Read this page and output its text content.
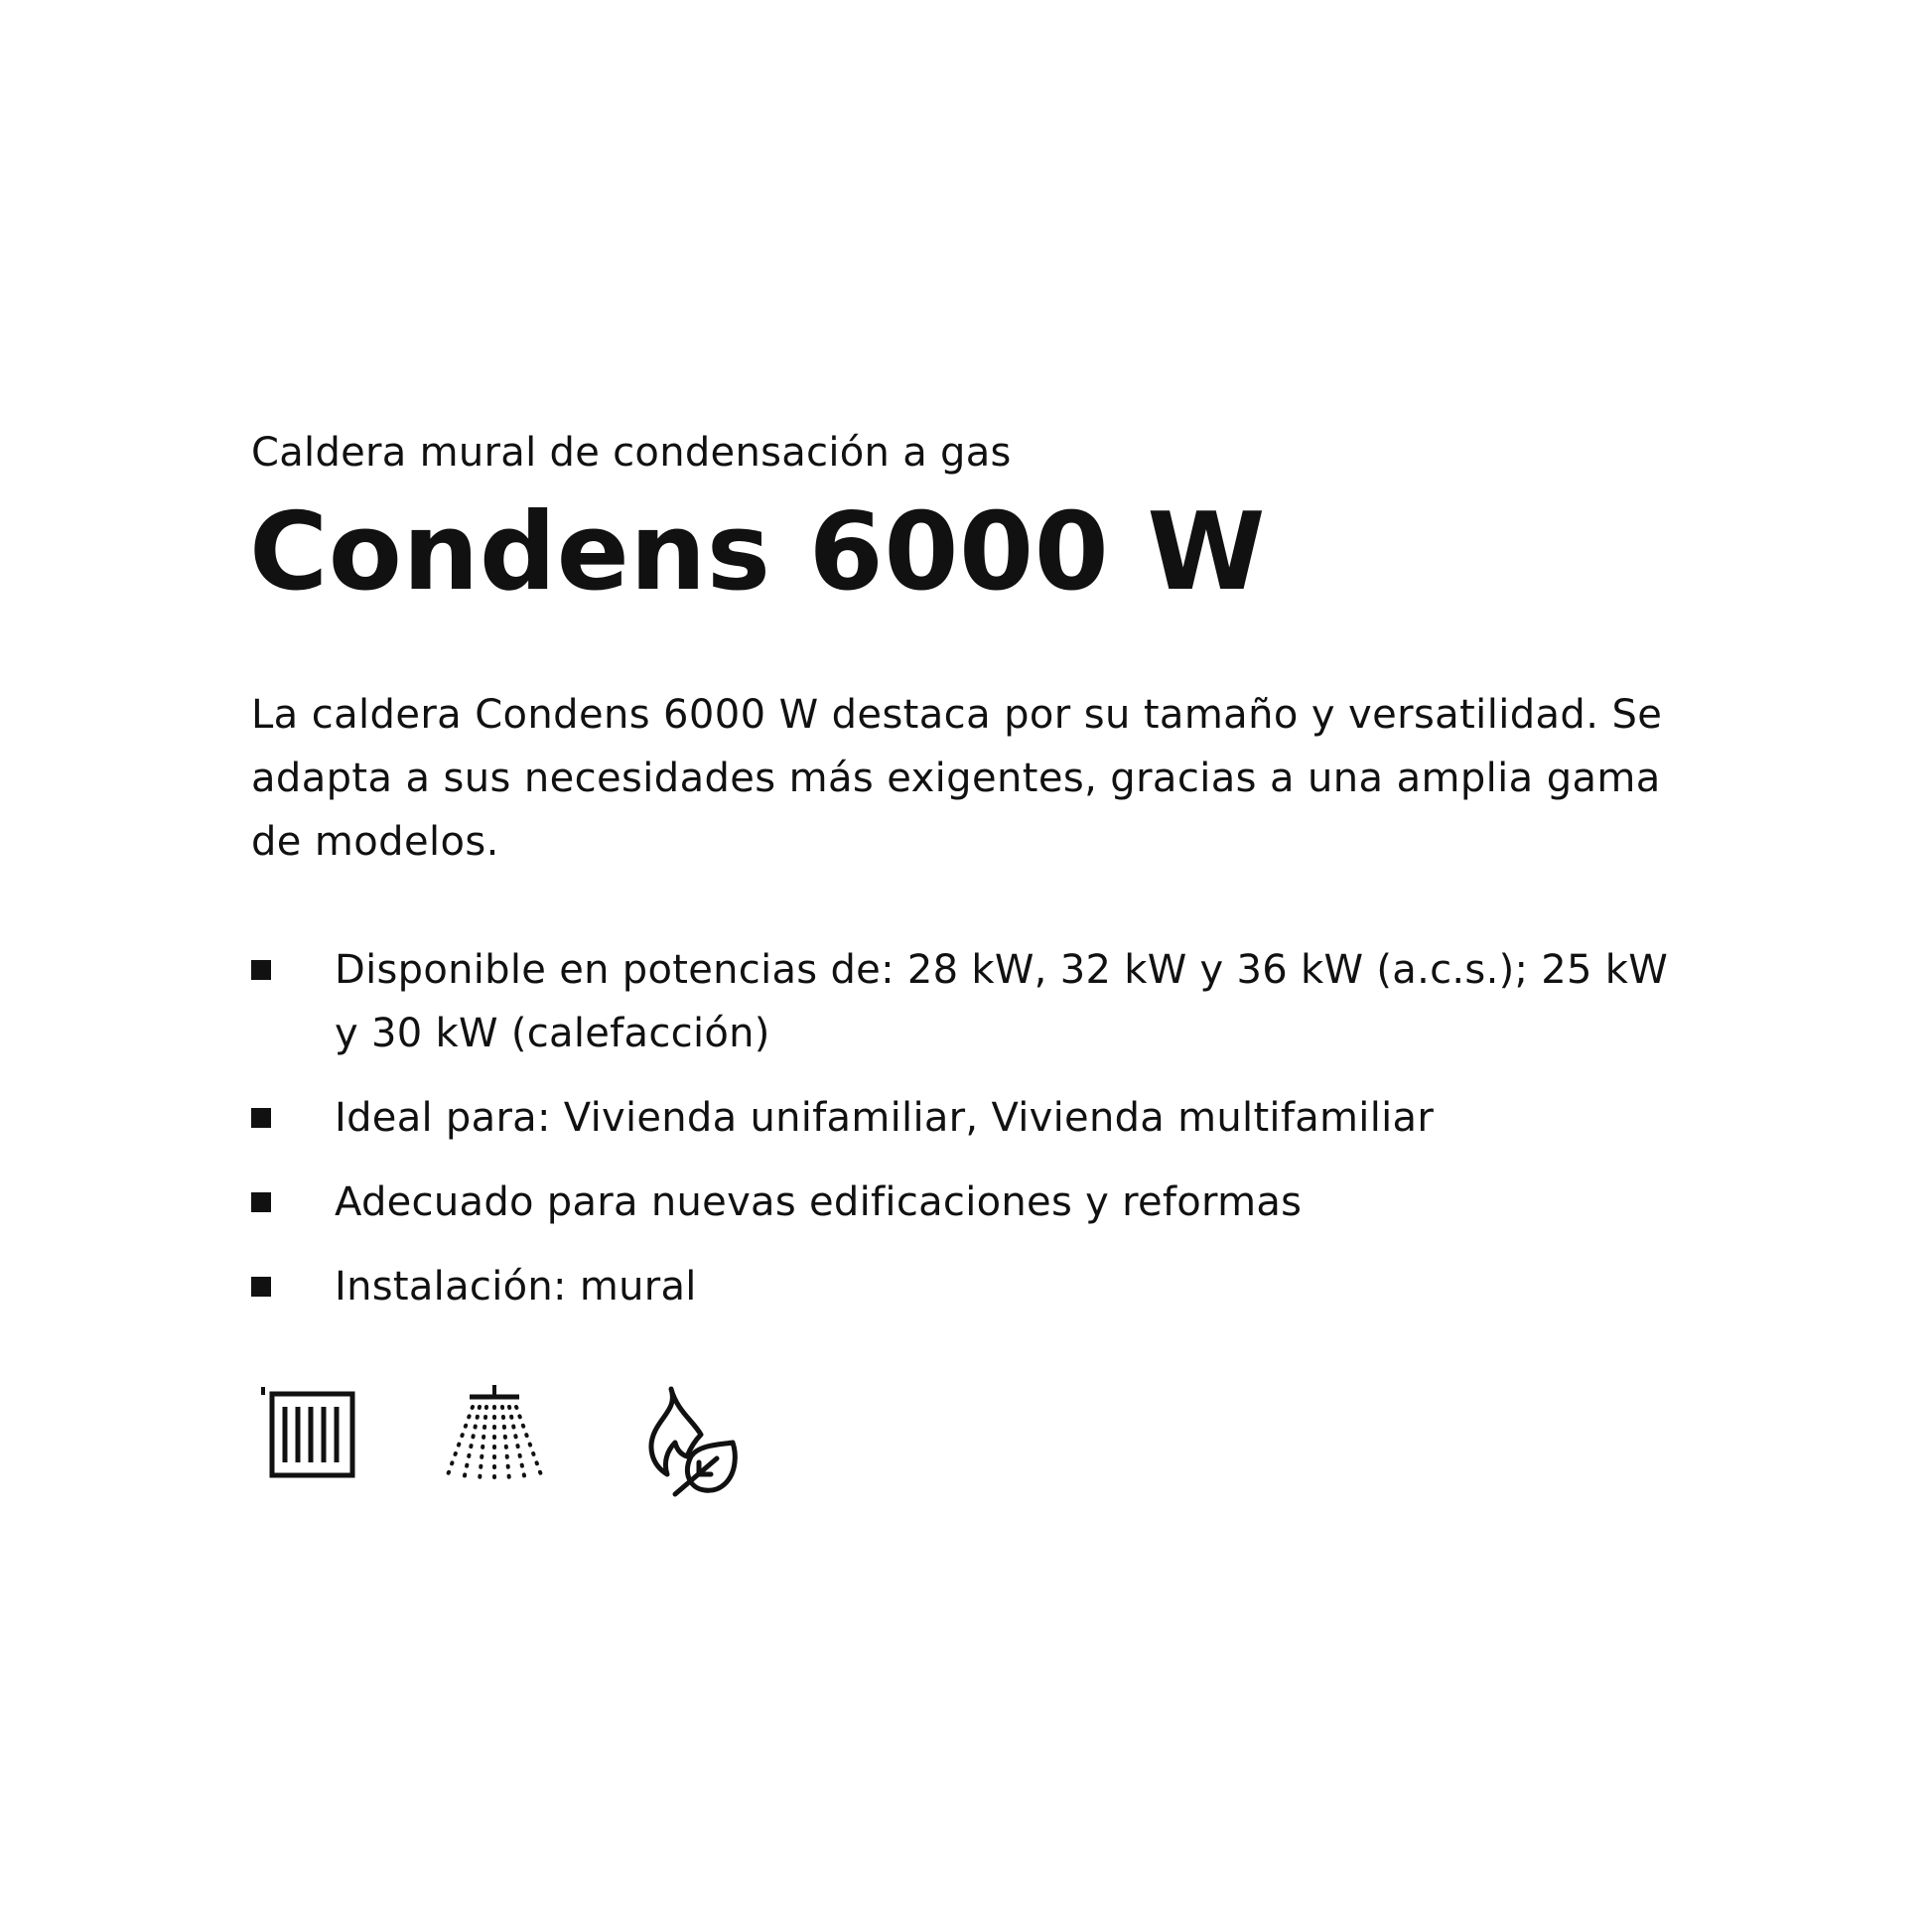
Caldera mural de condensación a gas
Condens 6000 W

La caldera Condens 6000 W destaca por su tamaño y versatilidad. Se adapta a sus necesidades más exigentes, gracias a una amplia gama de modelos.

Disponible en potencias de: 28 kW, 32 kW y 36 kW (a.c.s.); 25 kW y 30 kW (calefacción)
Ideal para: Vivienda unifamiliar, Vivienda multifamiliar
Adecuado para nuevas edificaciones y reformas
Instalación: mural
